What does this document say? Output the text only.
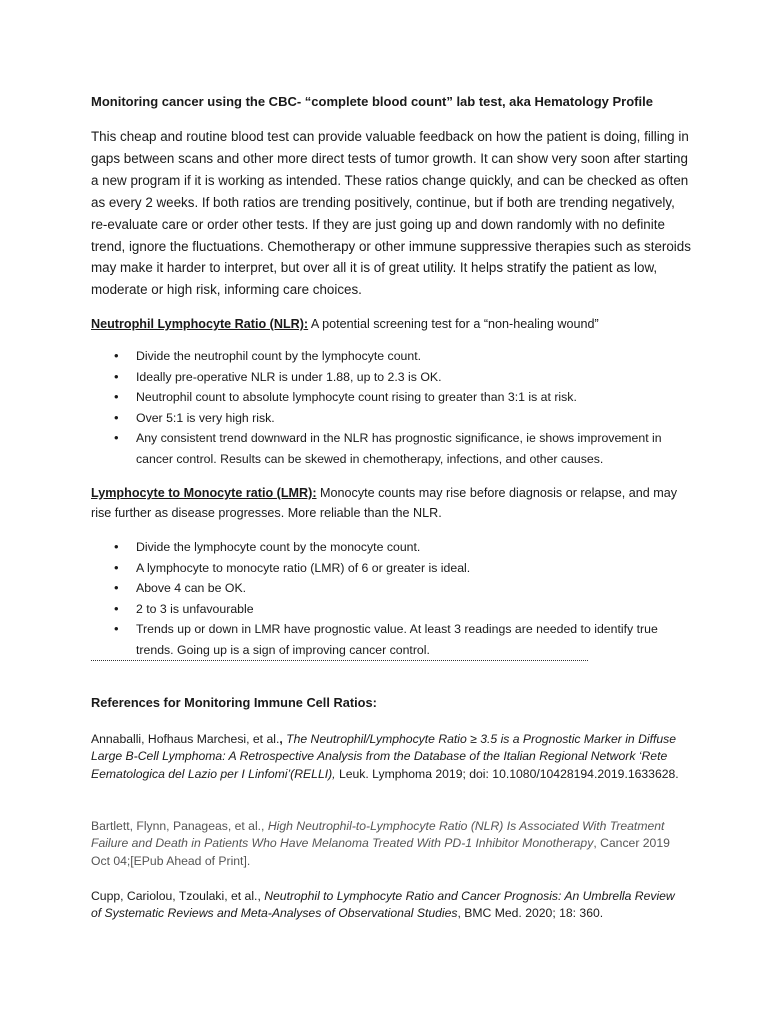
Monitoring cancer using the CBC- “complete blood count” lab test, aka Hematology Profile

This cheap and routine blood test can provide valuable feedback on how the patient is doing, filling in gaps between scans and other more direct tests of tumor growth. It can show very soon after starting a new program if it is working as intended. These ratios change quickly, and can be checked as often as every 2 weeks. If both ratios are trending positively, continue, but if both are trending negatively, re-evaluate care or order other tests. If they are just going up and down randomly with no definite trend, ignore the fluctuations. Chemotherapy or other immune suppressive therapies such as steroids may make it harder to interpret, but over all it is of great utility. It helps stratify the patient as low, moderate or high risk, informing care choices.

Neutrophil Lymphocyte Ratio (NLR): A potential screening test for a “non-healing wound”

• Divide the neutrophil count by the lymphocyte count.
• Ideally pre-operative NLR is under 1.88, up to 2.3 is OK.
• Neutrophil count to absolute lymphocyte count rising to greater than 3:1 is at risk.
• Over 5:1 is very high risk.
• Any consistent trend downward in the NLR has prognostic significance, ie shows improvement in cancer control. Results can be skewed in chemotherapy, infections, and other causes.

Lymphocyte to Monocyte ratio (LMR): Monocyte counts may rise before diagnosis or relapse, and may rise further as disease progresses. More reliable than the NLR.

• Divide the lymphocyte count by the monocyte count.
• A lymphocyte to monocyte ratio (LMR) of 6 or greater is ideal.
• Above 4 can be OK.
• 2 to 3 is unfavourable
• Trends up or down in LMR have prognostic value. At least 3 readings are needed to identify true trends. Going up is a sign of improving cancer control.

References for Monitoring Immune Cell Ratios:

Annaballi, Hofhaus Marchesi, et al., The Neutrophil/Lymphocyte Ratio ≥ 3.5 is a Prognostic Marker in Diffuse Large B-Cell Lymphoma: A Retrospective Analysis from the Database of the Italian Regional Network ‘Rete Eematologica del Lazio per I Linfomi’(RELLI), Leuk. Lymphoma 2019; doi: 10.1080/10428194.2019.1633628.

Bartlett, Flynn, Panageas, et al., High Neutrophil-to-Lymphocyte Ratio (NLR) Is Associated With Treatment Failure and Death in Patients Who Have Melanoma Treated With PD-1 Inhibitor Monotherapy, Cancer 2019 Oct 04;[EPub Ahead of Print].

Cupp, Cariolou, Tzoulaki, et al., Neutrophil to Lymphocyte Ratio and Cancer Prognosis: An Umbrella Review of Systematic Reviews and Meta-Analyses of Observational Studies, BMC Med. 2020; 18: 360.
